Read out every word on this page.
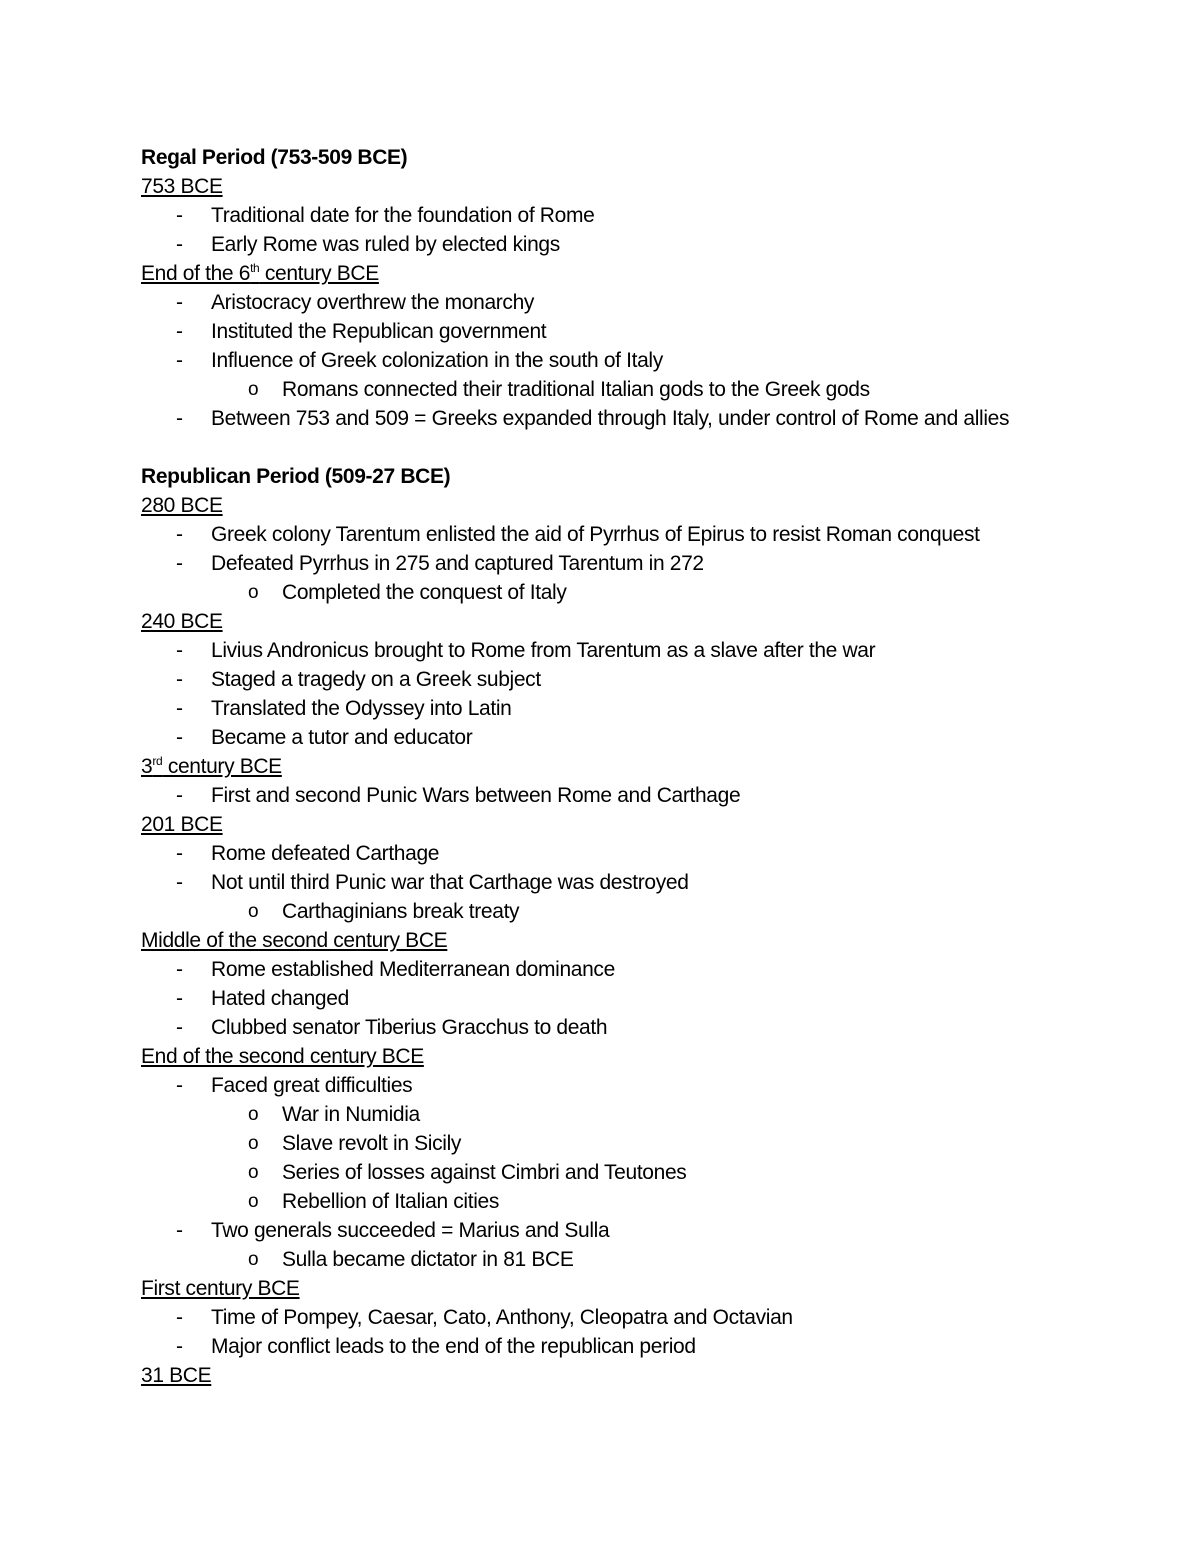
Regal Period (753-509 BCE)
753 BCE
- Traditional date for the foundation of Rome
- Early Rome was ruled by elected kings
End of the 6th century BCE
- Aristocracy overthrew the monarchy
- Instituted the Republican government
- Influence of Greek colonization in the south of Italy
o Romans connected their traditional Italian gods to the Greek gods
- Between 753 and 509 = Greeks expanded through Italy, under control of Rome and allies
Republican Period (509-27 BCE)
280 BCE
- Greek colony Tarentum enlisted the aid of Pyrrhus of Epirus to resist Roman conquest
- Defeated Pyrrhus in 275 and captured Tarentum in 272
o Completed the conquest of Italy
240 BCE
- Livius Andronicus brought to Rome from Tarentum as a slave after the war
- Staged a tragedy on a Greek subject
- Translated the Odyssey into Latin
- Became a tutor and educator
3rd century BCE
- First and second Punic Wars between Rome and Carthage
201 BCE
- Rome defeated Carthage
- Not until third Punic war that Carthage was destroyed
o Carthaginians break treaty
Middle of the second century BCE
- Rome established Mediterranean dominance
- Hated changed
- Clubbed senator Tiberius Gracchus to death
End of the second century BCE
- Faced great difficulties
o War in Numidia
o Slave revolt in Sicily
o Series of losses against Cimbri and Teutones
o Rebellion of Italian cities
- Two generals succeeded = Marius and Sulla
o Sulla became dictator in 81 BCE
First century BCE
- Time of Pompey, Caesar, Cato, Anthony, Cleopatra and Octavian
- Major conflict leads to the end of the republican period
31 BCE
